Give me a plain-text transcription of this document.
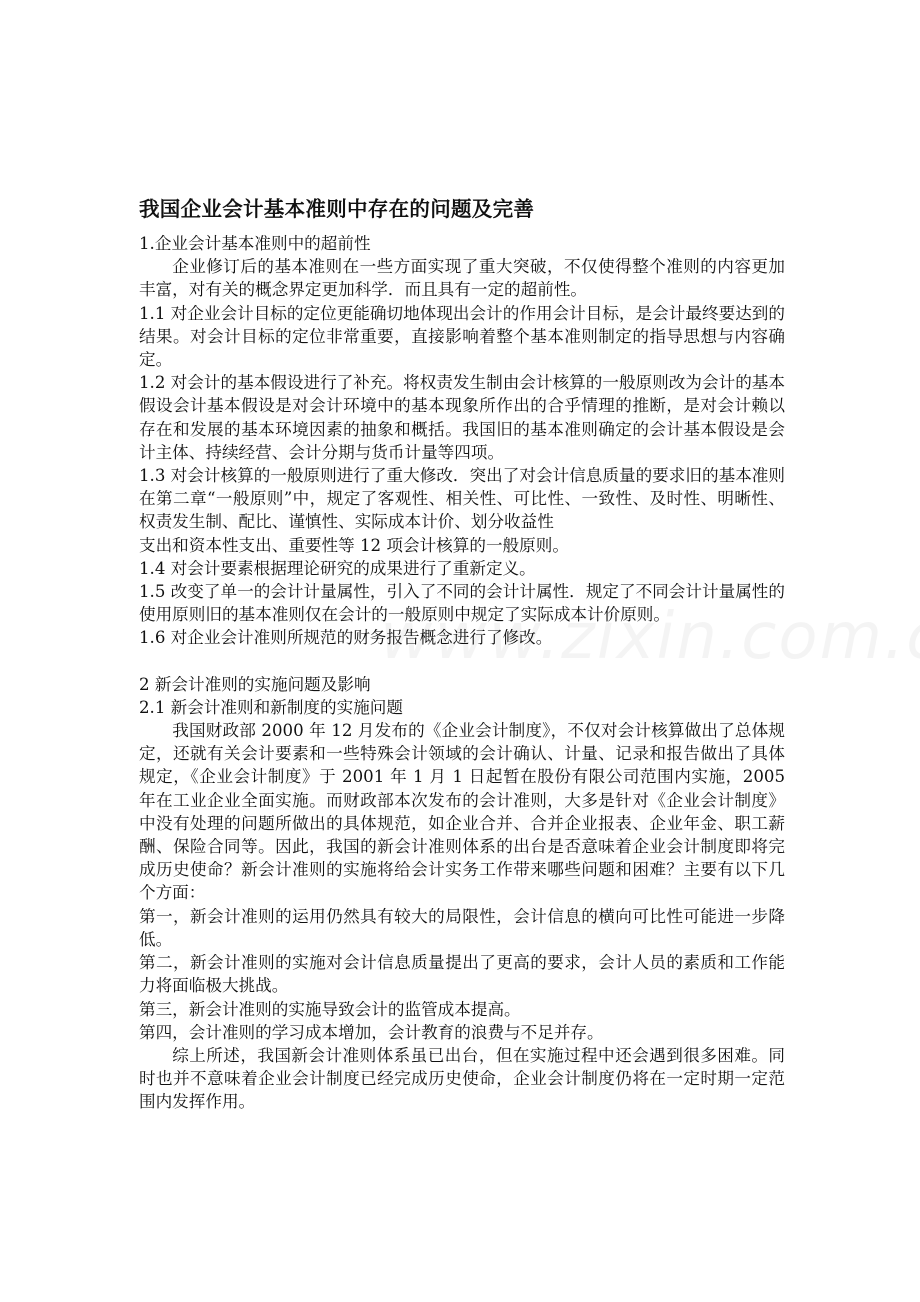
我国企业会计基本准则中存在的问题及完善

1.企业会计基本准则中的超前性

企业修订后的基本准则在一些方面实现了重大突破，不仅使得整个准则的内容更加丰富，对有关的概念界定更加科学．而且具有一定的超前性。

1.1 对企业会计目标的定位更能确切地体现出会计的作用会计目标，是会计最终要达到的结果。对会计目标的定位非常重要，直接影响着整个基本准则制定的指导思想与内容确定。

1.2 对会计的基本假设进行了补充。将权责发生制由会计核算的一般原则改为会计的基本假设会计基本假设是对会计环境中的基本现象所作出的合乎情理的推断，是对会计赖以存在和发展的基本环境因素的抽象和概括。我国旧的基本准则确定的会计基本假设是会计主体、持续经营、会计分期与货币计量等四项。

1.3 对会计核算的一般原则进行了重大修改．突出了对会计信息质量的要求旧的基本准则在第二章“一般原则”中，规定了客观性、相关性、可比性、一致性、及时性、明晰性、权责发生制、配比、谨慎性、实际成本计价、划分收益性

支出和资本性支出、重要性等 12 项会计核算的一般原则。

1.4 对会计要素根据理论研究的成果进行了重新定义。

1.5 改变了单一的会计计量属性，引入了不同的会计计属性．规定了不同会计计量属性的使用原则旧的基本准则仅在会计的一般原则中规定了实际成本计价原则。

1.6 对企业会计准则所规范的财务报告概念进行了修改。

2 新会计准则的实施问题及影响

2.1 新会计准则和新制度的实施问题

我国财政部 2000 年 12 月发布的《企业会计制度》，不仅对会计核算做出了总体规定，还就有关会计要素和一些特殊会计领域的会计确认、计量、记录和报告做出了具体规定，《企业会计制度》于 2001 年 1 月 1 日起暂在股份有限公司范围内实施，2005 年在工业企业全面实施。而财政部本次发布的会计准则，大多是针对《企业会计制度》中没有处理的问题所做出的具体规范，如企业合并、合并企业报表、企业年金、职工薪酬、保险合同等。因此，我国的新会计准则体系的出台是否意味着企业会计制度即将完成历史使命？新会计准则的实施将给会计实务工作带来哪些问题和困难？主要有以下几个方面：

第一，新会计准则的运用仍然具有较大的局限性，会计信息的横向可比性可能进一步降低。

第二，新会计准则的实施对会计信息质量提出了更高的要求，会计人员的素质和工作能力将面临极大挑战。

第三，新会计准则的实施导致会计的监管成本提高。

第四，会计准则的学习成本增加，会计教育的浪费与不足并存。

综上所述，我国新会计准则体系虽已出台，但在实施过程中还会遇到很多困难。同时也并不意味着企业会计制度已经完成历史使命，企业会计制度仍将在一定时期一定范围内发挥作用。
